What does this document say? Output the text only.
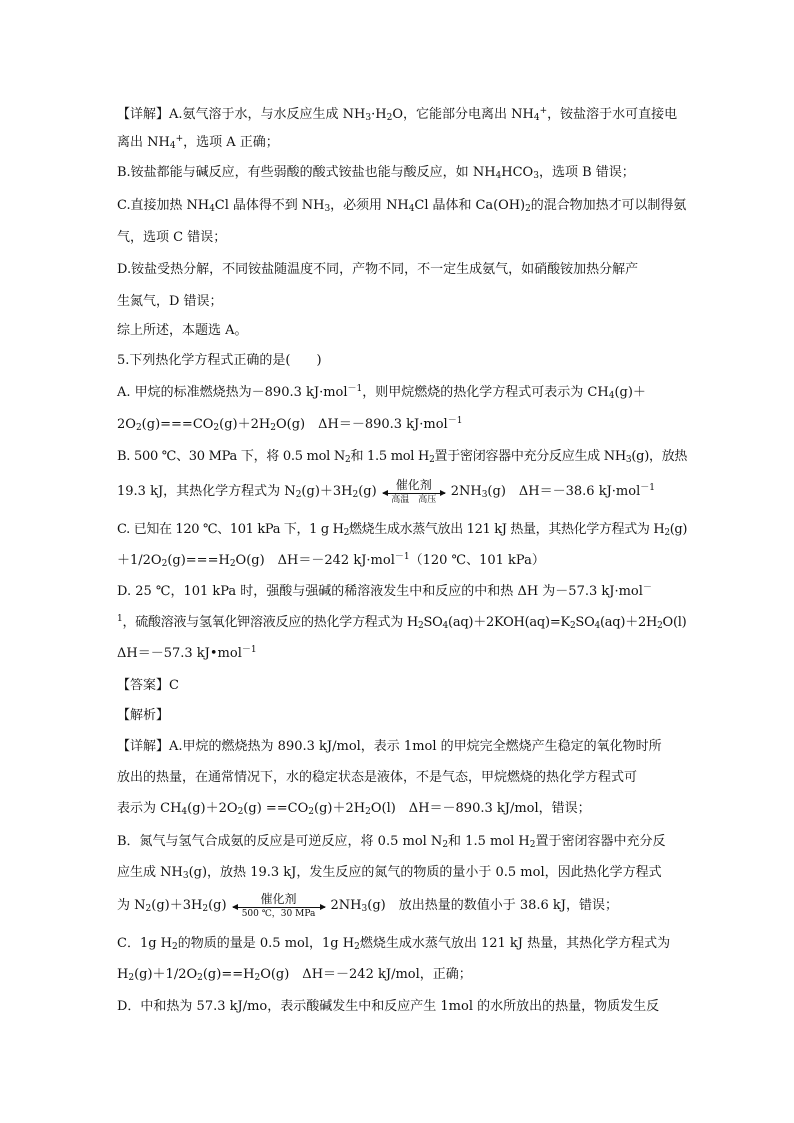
【详解】A.氨气溶于水，与水反应生成 $NH_3\cdot H_2O$，它能部分电离出 $NH_4^+$，铵盐溶于水可直接电
离出 $NH_4^+$，选项 A 正确；
B.铵盐都能与碱反应，有些弱酸的酸式铵盐也能与酸反应，如 $NH_4HCO_3$，选项 B 错误；
C.直接加热 $NH_4Cl$ 晶体得不到 $NH_3$，必须用 $NH_4Cl$ 晶体和 $Ca(OH)_2$的混合物加热才可以制得氨
气，选项 C 错误；
D.铵盐受热分解，不同铵盐随温度不同，产物不同，不一定生成氨气，如硝酸铵加热分解产
生氮气，D 错误；
综上所述，本题选 A。
5.下列热化学方程式正确的是(　　)
A. 甲烷的标准燃烧热为－890.3 kJ·mol$^{-1}$，则甲烷燃烧的热化学方程式可表示为 $CH_4(g)+$
$2O_2(g)===CO_2(g)+2H_2O(g)$　ΔH＝－890.3 kJ·mol$^{-1}$
B. 500 ℃、30 MPa 下，将 0.5 mol $N_2$和 1.5 mol $H_2$置于密闭容器中充分反应生成 $NH_3(g)$，放热
19.3 kJ，其热化学方程式为 $N_2(g)+3H_2(g)$	催化剂
高温　高压
$2NH_3(g)$　ΔH＝－38.6 kJ·mol$^{-1}$
C. 已知在 120 ℃、101 kPa 下，1 g $H_2$燃烧生成水蒸气放出 121 kJ 热量，其热化学方程式为 $H_2(g)$
$+1/2O_2(g)===H_2O(g)$　ΔH＝－242 kJ·mol$^{-1}$（120 ℃、101 kPa）
D. 25 ℃，101 kPa 时，强酸与强碱的稀溶液发生中和反应的中和热 ΔH 为－57.3 kJ·mol－
$^1$，硫酸溶液与氢氧化钾溶液反应的热化学方程式为 $H_2SO_4(aq)+2KOH(aq)=K_2SO_4(aq)+2H_2O(l)$
ΔH＝－57.3 kJ•mol$^{-1}$
【答案】C
【解析】
【详解】A.甲烷的燃烧热为 890.3 kJ/mol，表示 1mol 的甲烷完全燃烧产生稳定的氧化物时所
放出的热量，在通常情况下，水的稳定状态是液体，不是气态，甲烷燃烧的热化学方程式可
表示为 $CH_4(g)+2O_2(g) ==CO_2(g)+2H_2O(l)$　ΔH＝－890.3 kJ/mol，错误；
B．氮气与氢气合成氨的反应是可逆反应，将 0.5 mol $N_2$和 1.5 mol $H_2$置于密闭容器中充分反
应生成 $NH_3(g)$，放热 19.3 kJ，发生反应的氮气的物质的量小于 0.5 mol，因此热化学方程式
为 $N_2(g)+3H_2(g)$	催化剂
500 ℃，30 MPa
$2NH_3(g)$　放出热量的数值小于 38.6 kJ，错误；
C．1g $H_2$的物质的量是 0.5 mol，1g $H_2$燃烧生成水蒸气放出 121 kJ 热量，其热化学方程式为
$H_2(g)+1/2O_2(g)==H_2O(g)$　ΔH＝－242 kJ/mol，正确；
D．中和热为 57.3 kJ/mo，表示酸碱发生中和反应产生 1mol 的水所放出的热量，物质发生反
